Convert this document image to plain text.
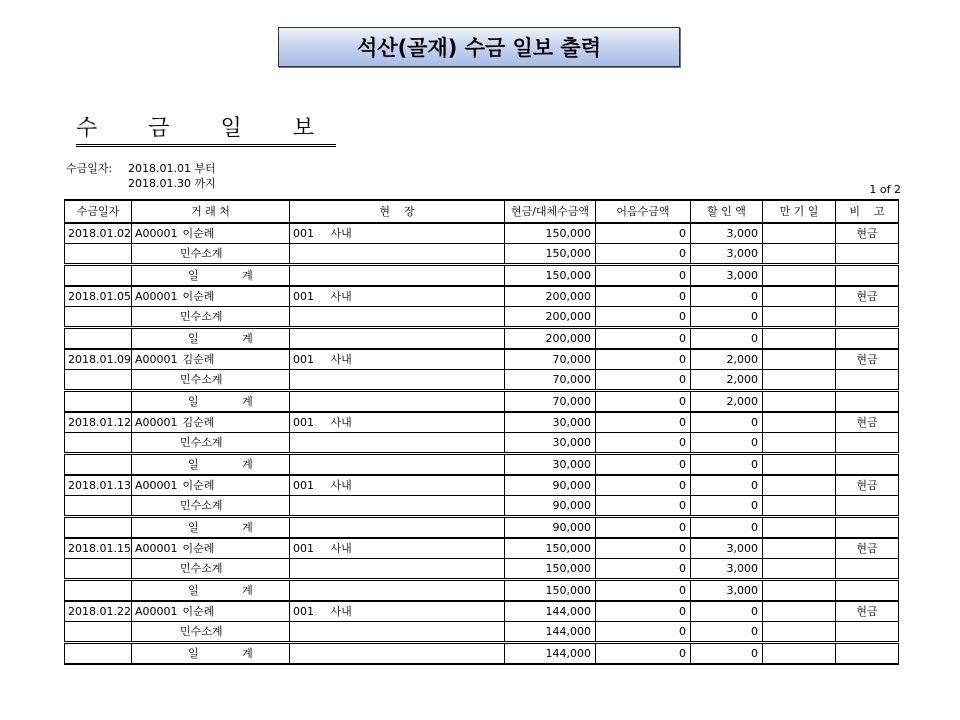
석산(골재) 수금 일보 출력
수 금 일 보
수금일자: 2018.01.01 부터
2018.01.30 까지	1 of 2
수금일자	거 래 처	현    장	현금/대체수금액	어음수금액	할 인 액	만 기 일	비    고
2018.01.02	A00001 이순례	001 사내	150,000	0	3,000		현금
	민수소계		150,000	0	3,000		
	일 계		150,000	0	3,000		
2018.01.05	A00001 이순례	001 사내	200,000	0	0		현금
	민수소계		200,000	0	0		
	일 계		200,000	0	0		
2018.01.09	A00001 김순례	001 사내	70,000	0	2,000		현금
	민수소계		70,000	0	2,000		
	일 계		70,000	0	2,000		
2018.01.12	A00001 김순례	001 사내	30,000	0	0		현금
	민수소계		30,000	0	0		
	일 계		30,000	0	0		
2018.01.13	A00001 이순례	001 사내	90,000	0	0		현금
	민수소계		90,000	0	0		
	일 계		90,000	0	0		
2018.01.15	A00001 이순례	001 사내	150,000	0	3,000		현금
	민수소계		150,000	0	3,000		
	일 계		150,000	0	3,000		
2018.01.22	A00001 이순례	001 사내	144,000	0	0		현금
	민수소계		144,000	0	0		
	일 계		144,000	0	0		
